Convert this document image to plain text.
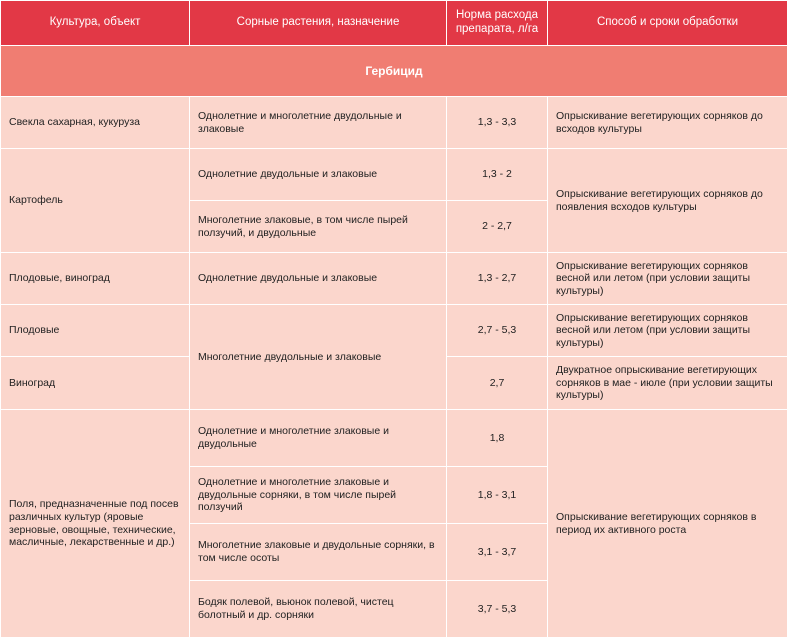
Культура, объект	Сорные растения, назначение	Норма расхода препарата, л/га	Способ и сроки обработки
Гербицид			
Свекла сахарная, кукуруза	Однолетние и многолетние двудольные и злаковые	1,3 - 3,3	Опрыскивание вегетирующих сорняков до всходов культуры
Картофель	Однолетние двудольные и злаковые	1,3 - 2	Опрыскивание вегетирующих сорняков до появления всходов культуры
	Многолетние злаковые, в том числе пырей ползучий, и двудольные	2 - 2,7	
Плодовые, виноград	Однолетние двудольные и злаковые	1,3 - 2,7	Опрыскивание вегетирующих сорняков весной или летом (при условии защиты культуры)
Плодовые	Многолетние двудольные и злаковые	2,7 - 5,3	Опрыскивание вегетирующих сорняков весной или летом (при условии защиты культуры)
Виноград		2,7	Двукратное опрыскивание вегетирующих сорняков в мае - июле (при условии защиты культуры)
Поля, предназначенные под посев различных культур (яровые зерновые, овощные, технические, масличные, лекарственные и др.)	Однолетние и многолетние злаковые и двудольные	1,8	Опрыскивание вегетирующих сорняков в период их активного роста
	Однолетние и многолетние злаковые и двудольные сорняки, в том числе пырей ползучий	1,8 - 3,1	
	Многолетние злаковые и двудольные сорняки, в том числе осоты	3,1 - 3,7	
	Бодяк полевой, вьюнок полевой, чистец болотный и др. сорняки	3,7 - 5,3	
